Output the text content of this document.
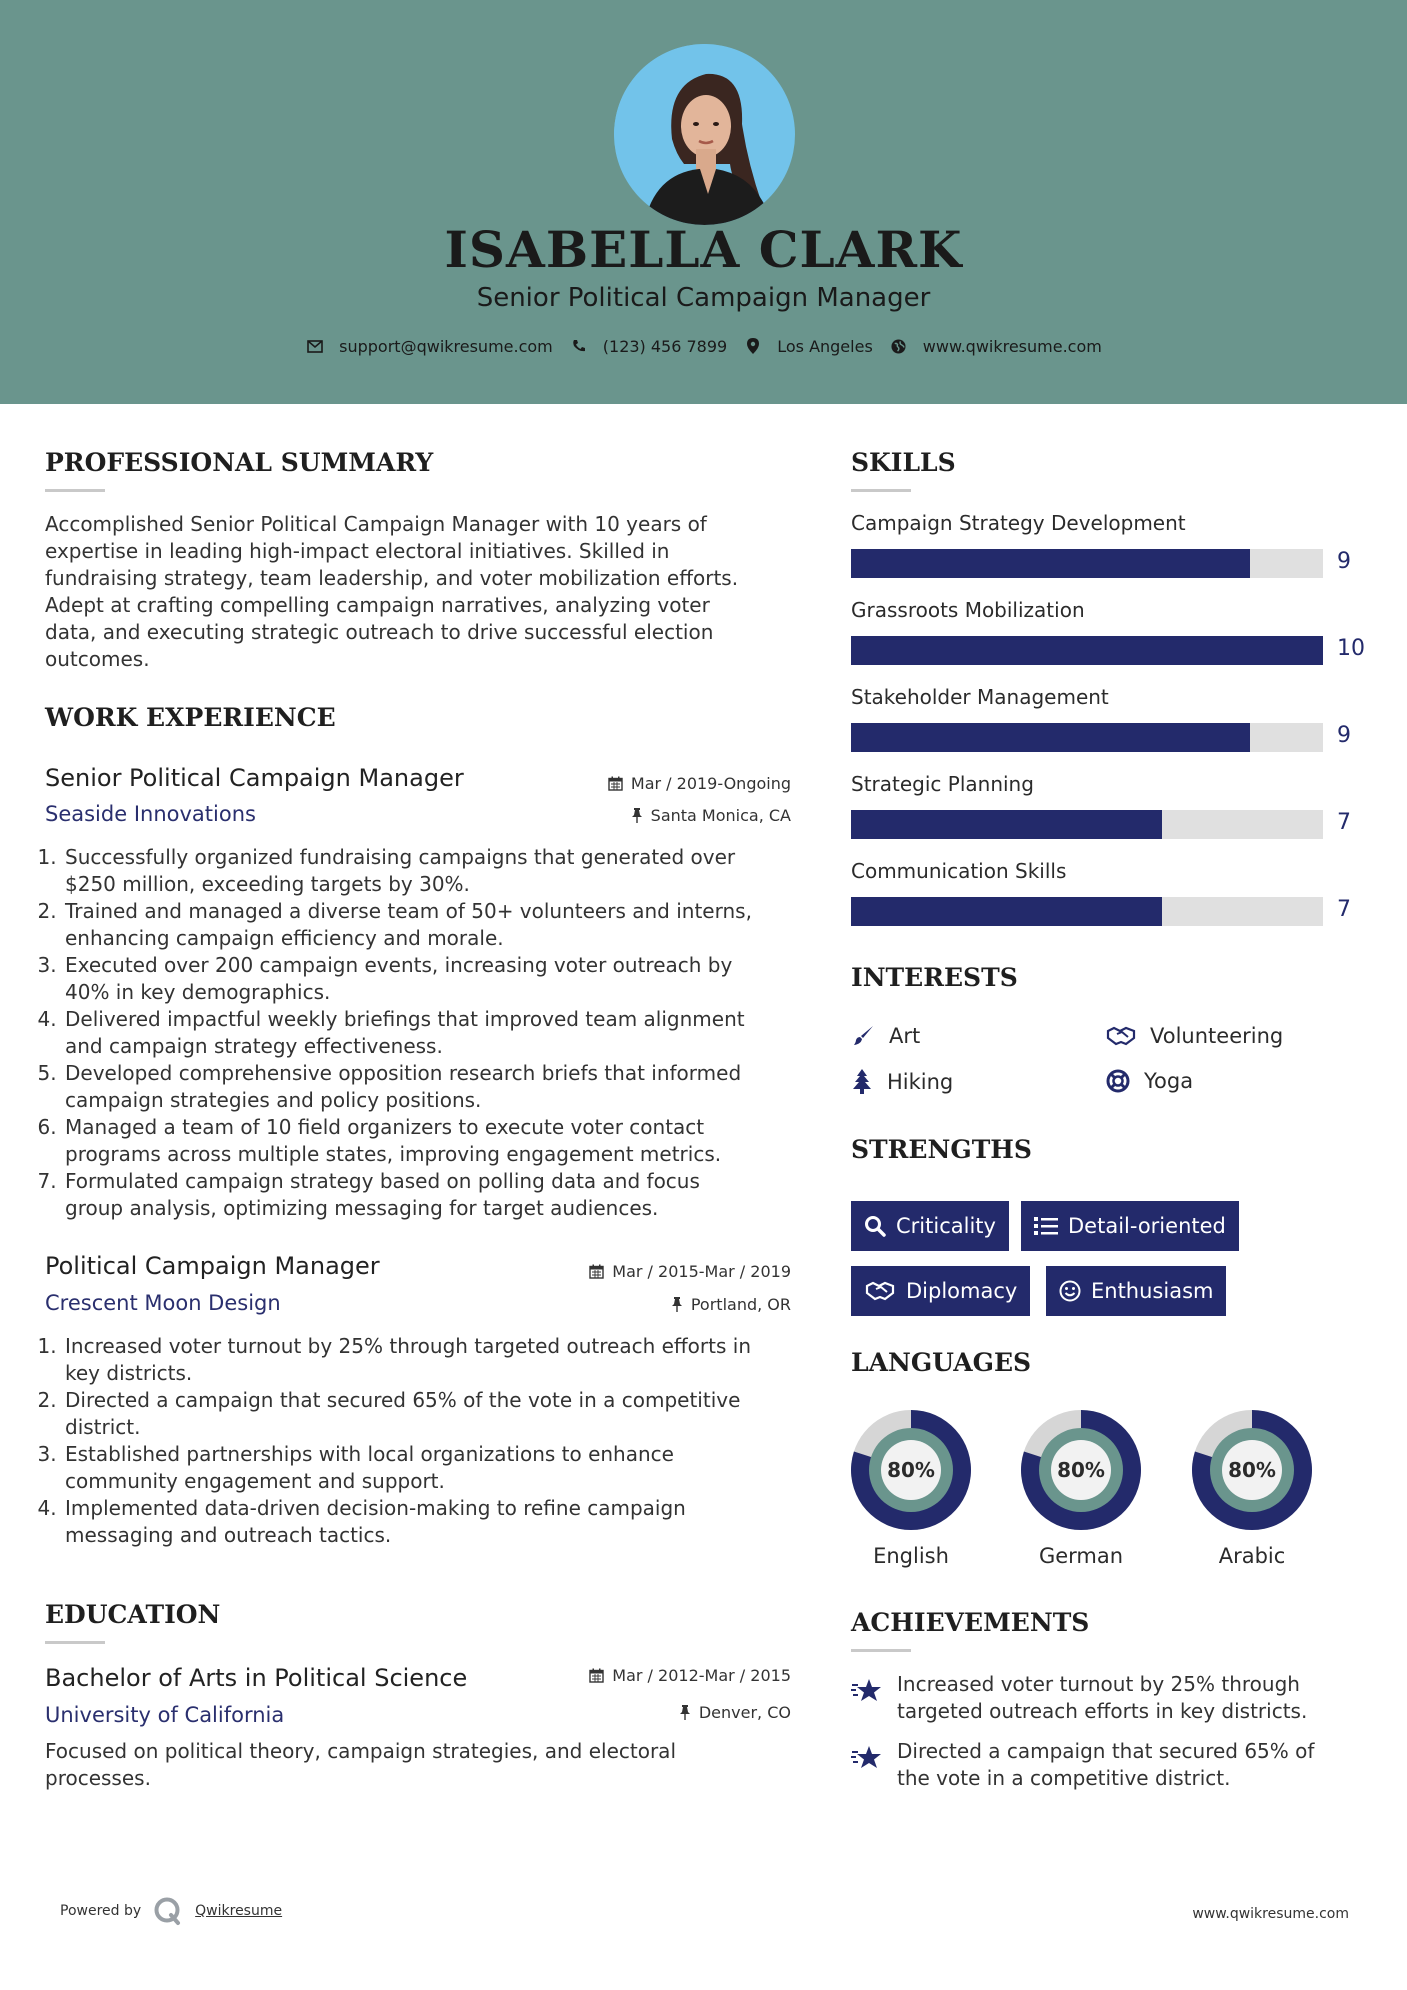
ISABELLA CLARK
Senior Political Campaign Manager
support@qwikresume.com	(123) 456 7899	Los Angeles	www.qwikresume.com
PROFESSIONAL SUMMARY
Accomplished Senior Political Campaign Manager with 10 years of
expertise in leading high-impact electoral initiatives. Skilled in
fundraising strategy, team leadership, and voter mobilization efforts.
Adept at crafting compelling campaign narratives, analyzing voter
data, and executing strategic outreach to drive successful election
outcomes.
WORK EXPERIENCE
Senior Political Campaign Manager	Mar / 2019-Ongoing
Seaside Innovations	Santa Monica, CA
1. Successfully organized fundraising campaigns that generated over
$250 million, exceeding targets by 30%.
2. Trained and managed a diverse team of 50+ volunteers and interns,
enhancing campaign efficiency and morale.
3. Executed over 200 campaign events, increasing voter outreach by
40% in key demographics.
4. Delivered impactful weekly briefings that improved team alignment
and campaign strategy effectiveness.
5. Developed comprehensive opposition research briefs that informed
campaign strategies and policy positions.
6. Managed a team of 10 field organizers to execute voter contact
programs across multiple states, improving engagement metrics.
7. Formulated campaign strategy based on polling data and focus
group analysis, optimizing messaging for target audiences.
Political Campaign Manager	Mar / 2015-Mar / 2019
Crescent Moon Design	Portland, OR
1. Increased voter turnout by 25% through targeted outreach efforts in
key districts.
2. Directed a campaign that secured 65% of the vote in a competitive
district.
3. Established partnerships with local organizations to enhance
community engagement and support.
4. Implemented data-driven decision-making to refine campaign
messaging and outreach tactics.
EDUCATION
Bachelor of Arts in Political Science	Mar / 2012-Mar / 2015
University of California	Denver, CO
Focused on political theory, campaign strategies, and electoral
processes.
SKILLS
Campaign Strategy Development
9
Grassroots Mobilization
10
Stakeholder Management
9
Strategic Planning
7
Communication Skills
7
INTERESTS
Art	Volunteering
Hiking	Yoga
STRENGTHS
Criticality	Detail-oriented
Diplomacy	Enthusiasm
LANGUAGES
80%	80%	80%
English	German	Arabic
ACHIEVEMENTS
Increased voter turnout by 25% through
targeted outreach efforts in key districts.
Directed a campaign that secured 65% of
the vote in a competitive district.
Powered by	Qwikresume	www.qwikresume.com
